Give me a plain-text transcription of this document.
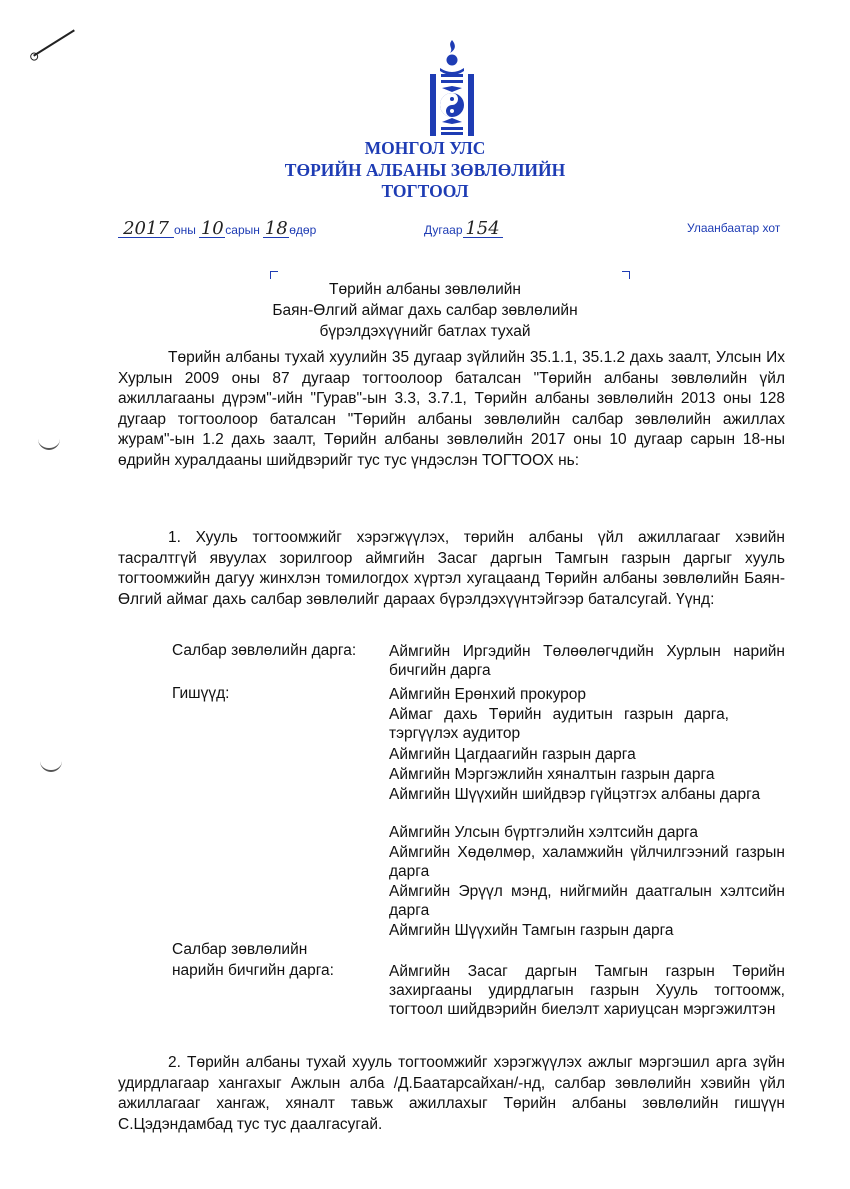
МОНГОЛ УЛС
ТӨРИЙН АЛБАНЫ ЗӨВЛӨЛИЙН
ТОГТООЛ
2017 оны 10 сарын 18 өдөр	Дугаар 154	Улаанбаатар хот
Төрийн албаны зөвлөлийн
Баян-Өлгий аймаг дахь салбар зөвлөлийн
бүрэлдэхүүнийг батлах тухай
Төрийн албаны тухай хуулийн 35 дугаар зүйлийн 35.1.1, 35.1.2 дахь заалт, Улсын Их Хурлын 2009 оны 87 дугаар тогтоолоор баталсан "Төрийн албаны зөвлөлийн үйл ажиллагааны дүрэм"-ийн "Гурав"-ын 3.3, 3.7.1, Төрийн албаны зөвлөлийн 2013 оны 128 дугаар тогтоолоор баталсан "Төрийн албаны зөвлөлийн салбар зөвлөлийн ажиллах журам"-ын 1.2 дахь заалт, Төрийн албаны зөвлөлийн 2017 оны 10 дугаар сарын 18-ны өдрийн хуралдааны шийдвэрийг тус тус үндэслэн ТОГТООХ нь:
1. Хууль тогтоомжийг хэрэгжүүлэх, төрийн албаны үйл ажиллагааг хэвийн тасралтгүй явуулах зорилгоор аймгийн Засаг даргын Тамгын газрын даргыг хууль тогтоомжийн дагуу жинхлэн томилогдох хүртэл хугацаанд Төрийн албаны зөвлөлийн Баян-Өлгий аймаг дахь салбар зөвлөлийг дараах бүрэлдэхүүнтэйгээр баталсугай. Үүнд:
Салбар зөвлөлийн дарга: Аймгийн Иргэдийн Төлөөлөгчдийн Хурлын нарийн бичгийн дарга
Гишүүд:	Аймгийн Ерөнхий прокурор
Аймаг дахь Төрийн аудитын газрын дарга, тэргүүлэх аудитор
Аймгийн Цагдаагийн газрын дарга
Аймгийн Мэргэжлийн хяналтын газрын дарга
Аймгийн Шүүхийн шийдвэр гүйцэтгэх албаны дарга
Аймгийн Улсын бүртгэлийн хэлтсийн дарга
Аймгийн Хөдөлмөр, халамжийн үйлчилгээний газрын дарга
Аймгийн Эрүүл мэнд, нийгмийн даатгалын хэлтсийн дарга
Аймгийн Шүүхийн Тамгын газрын дарга
Салбар зөвлөлийн
нарийн бичгийн дарга:	Аймгийн Засаг даргын Тамгын газрын Төрийн захиргааны удирдлагын газрын Хууль тогтоомж, тогтоол шийдвэрийн биелэлт хариуцсан мэргэжилтэн
2. Төрийн албаны тухай хууль тогтоомжийг хэрэгжүүлэх ажлыг мэргэшил арга зүйн удирдлагаар хангахыг Ажлын алба /Д.Баатарсайхан/-нд, салбар зөвлөлийн хэвийн үйл ажиллагааг хангаж, хяналт тавьж ажиллахыг Төрийн албаны зөвлөлийн гишүүн С.Цэдэндамбад тус тус даалгасугай.
